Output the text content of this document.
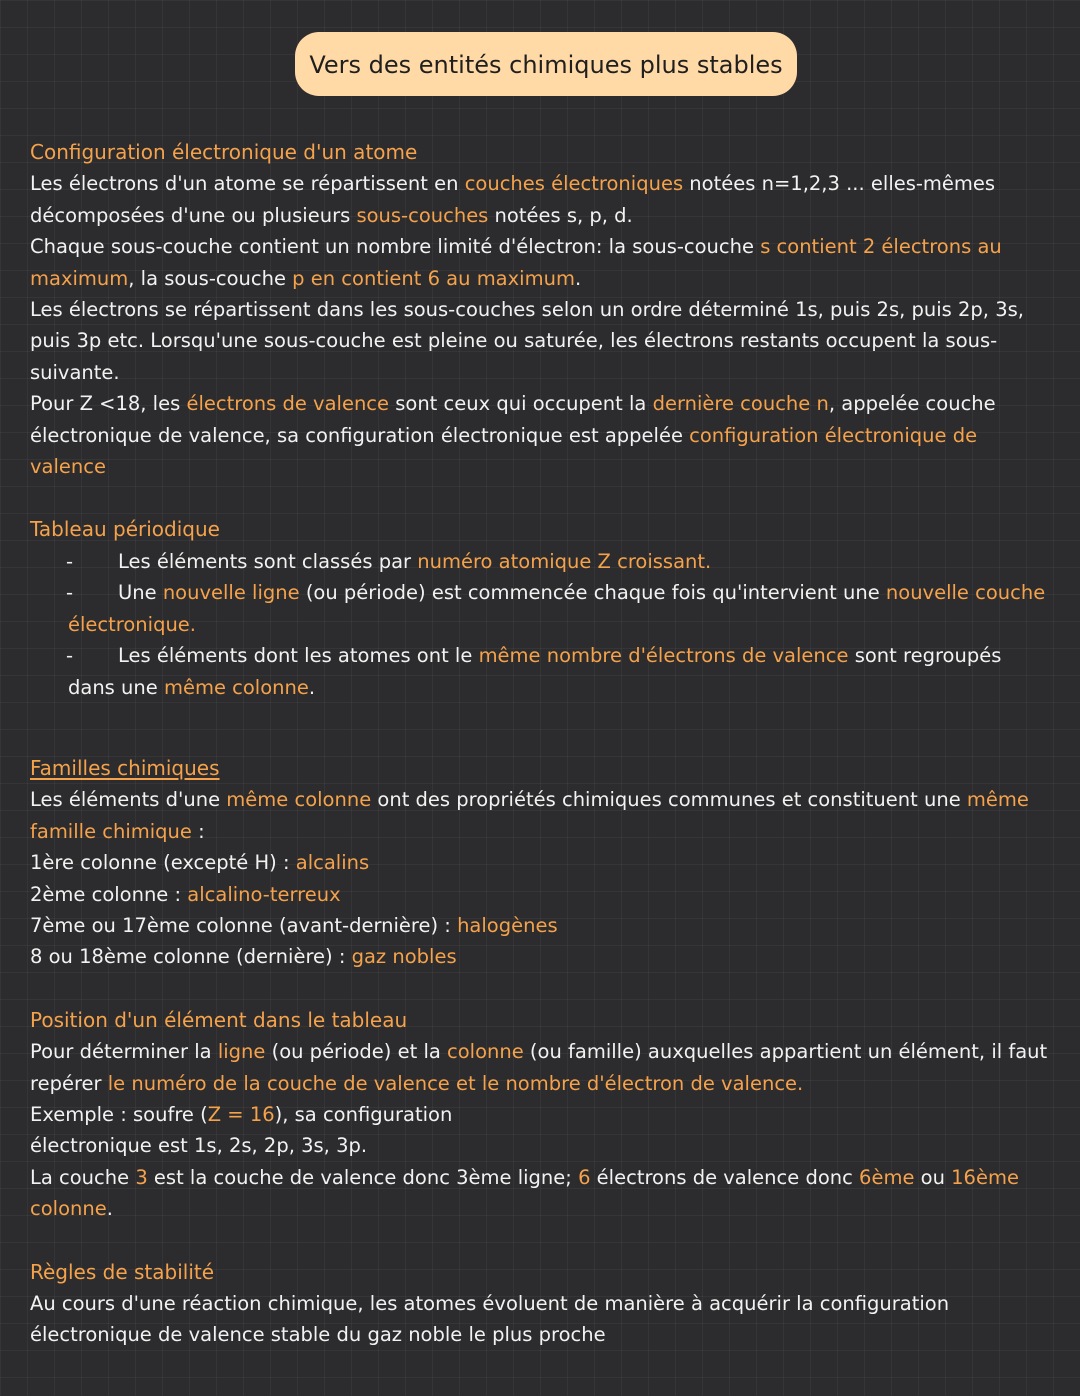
Vers des entités chimiques plus stables
Configuration électronique d'un atome

Les électrons d'un atome se répartissent en couches électroniques notées n=1,2,3 ... elles-mêmes décomposées d'une ou plusieurs sous-couches notées s, p, d.

Chaque sous-couche contient un nombre limité d'électron: la sous-couche s contient 2 électrons au maximum, la sous-couche p en contient 6 au maximum.

Les électrons se répartissent dans les sous-couches selon un ordre déterminé 1s, puis 2s, puis 2p, 3s, puis 3p etc. Lorsqu'une sous-couche est pleine ou saturée, les électrons restants occupent la sous-suivante.

Pour Z <18, les électrons de valence sont ceux qui occupent la dernière couche n, appelée couche électronique de valence, sa configuration électronique est appelée configuration électronique de valence

Tableau périodique
- Les éléments sont classés par numéro atomique Z croissant.
- Une nouvelle ligne (ou période) est commencée chaque fois qu'intervient une nouvelle couche électronique.
- Les éléments dont les atomes ont le même nombre d'électrons de valence sont regroupés dans une même colonne.
Familles chimiques

Les éléments d'une même colonne ont des propriétés chimiques communes et constituent une même famille chimique :

1ère colonne (excepté H) : alcalins

2ème colonne : alcalino-terreux

7ème ou 17ème colonne (avant-dernière) : halogènes

8 ou 18ème colonne (dernière) : gaz nobles

Position d'un élément dans le tableau

Pour déterminer la ligne (ou période) et la colonne (ou famille) auxquelles appartient un élément, il faut repérer le numéro de la couche de valence et le nombre d'électron de valence.

Exemple : soufre (Z = 16), sa configuration

électronique est 1s, 2s, 2p, 3s, 3p.

La couche 3 est la couche de valence donc 3ème ligne; 6 électrons de valence donc 6ème ou 16ème colonne.

Règles de stabilité

Au cours d'une réaction chimique, les atomes évoluent de manière à acquérir la configuration électronique de valence stable du gaz noble le plus proche
